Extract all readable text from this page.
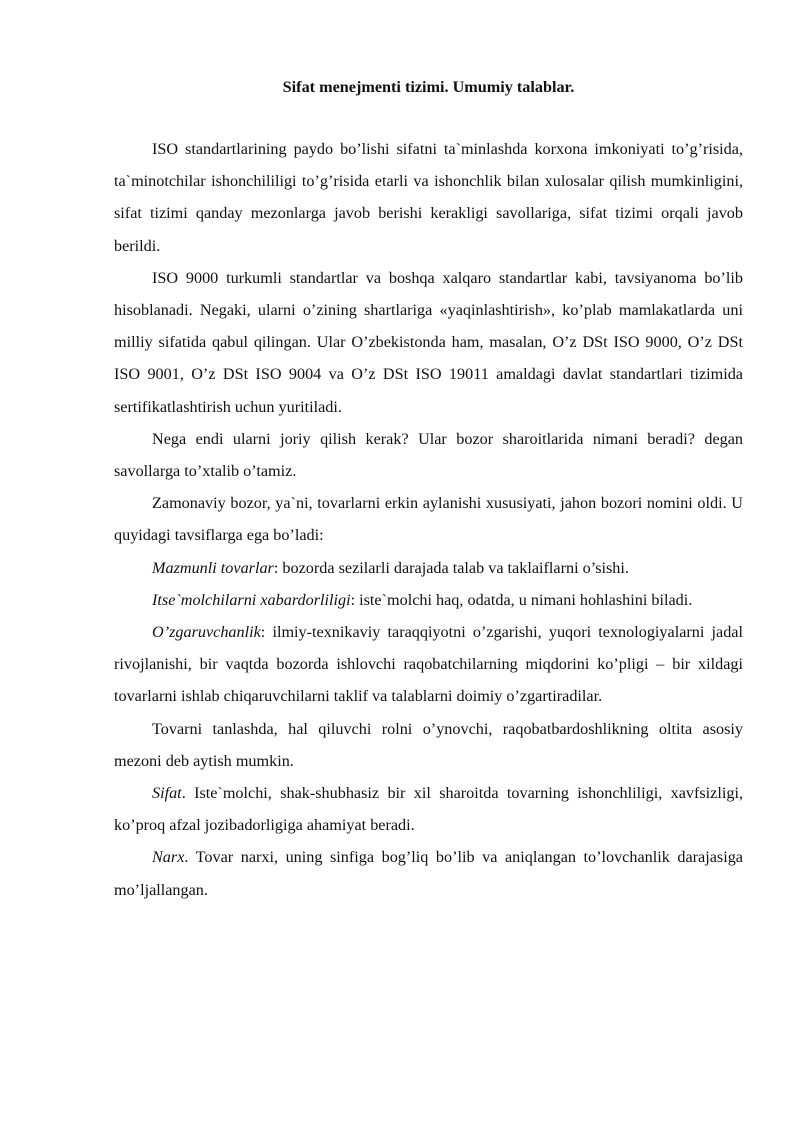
Sifat menejmenti tizimi. Umumiy talablar.

ISO standartlarining paydo bo’lishi sifatni ta`minlashda korxona imkoniyati to’g’risida, ta`minotchilar ishonchililigi to’g’risida etarli va ishonchlik bilan xulosalar qilish mumkinligini, sifat tizimi qanday mezonlarga javob berishi kerakligi savollariga, sifat tizimi orqali javob berildi.

ISO 9000 turkumli standartlar va boshqa xalqaro standartlar kabi, tavsiyanoma bo’lib hisoblanadi. Negaki, ularni o’zining shartlariga «yaqinlashtirish», ko’plab mamlakatlarda uni milliy sifatida qabul qilingan. Ular O’zbekistonda ham, masalan, O’z DSt ISO 9000, O’z DSt ISO 9001, O’z DSt ISO 9004 va O’z DSt ISO 19011 amaldagi davlat standartlari tizimida sertifikatlashtirish uchun yuritiladi.

Nega endi ularni joriy qilish kerak? Ular bozor sharoitlarida nimani beradi? degan savollarga to’xtalib o’tamiz.

Zamonaviy bozor, ya`ni, tovarlarni erkin aylanishi xususiyati, jahon bozori nomini oldi. U quyidagi tavsiflarga ega bo’ladi:

Mazmunli tovarlar: bozorda sezilarli darajada talab va taklaiflarni o’sishi.

Itse`molchilarni xabardorliligi: iste`molchi haq, odatda, u nimani hohlashini biladi.

O’zgaruvchanlik: ilmiy-texnikaviy taraqqiyotni o’zgarishi, yuqori texnologiyalarni jadal rivojlanishi, bir vaqtda bozorda ishlovchi raqobatchilarning miqdorini ko’pligi – bir xildagi tovarlarni ishlab chiqaruvchilarni taklif va talablarni doimiy o’zgartiradilar.

Tovarni tanlashda, hal qiluvchi rolni o’ynovchi, raqobatbardoshlikning oltita asosiy mezoni deb aytish mumkin.

Sifat. Iste`molchi, shak-shubhasiz bir xil sharoitda tovarning ishonchliligi, xavfsizligi, ko’proq afzal jozibadorligiga ahamiyat beradi.

Narx. Tovar narxi, uning sinfiga bog’liq bo’lib va aniqlangan to’lovchanlik darajasiga mo’ljallangan.
